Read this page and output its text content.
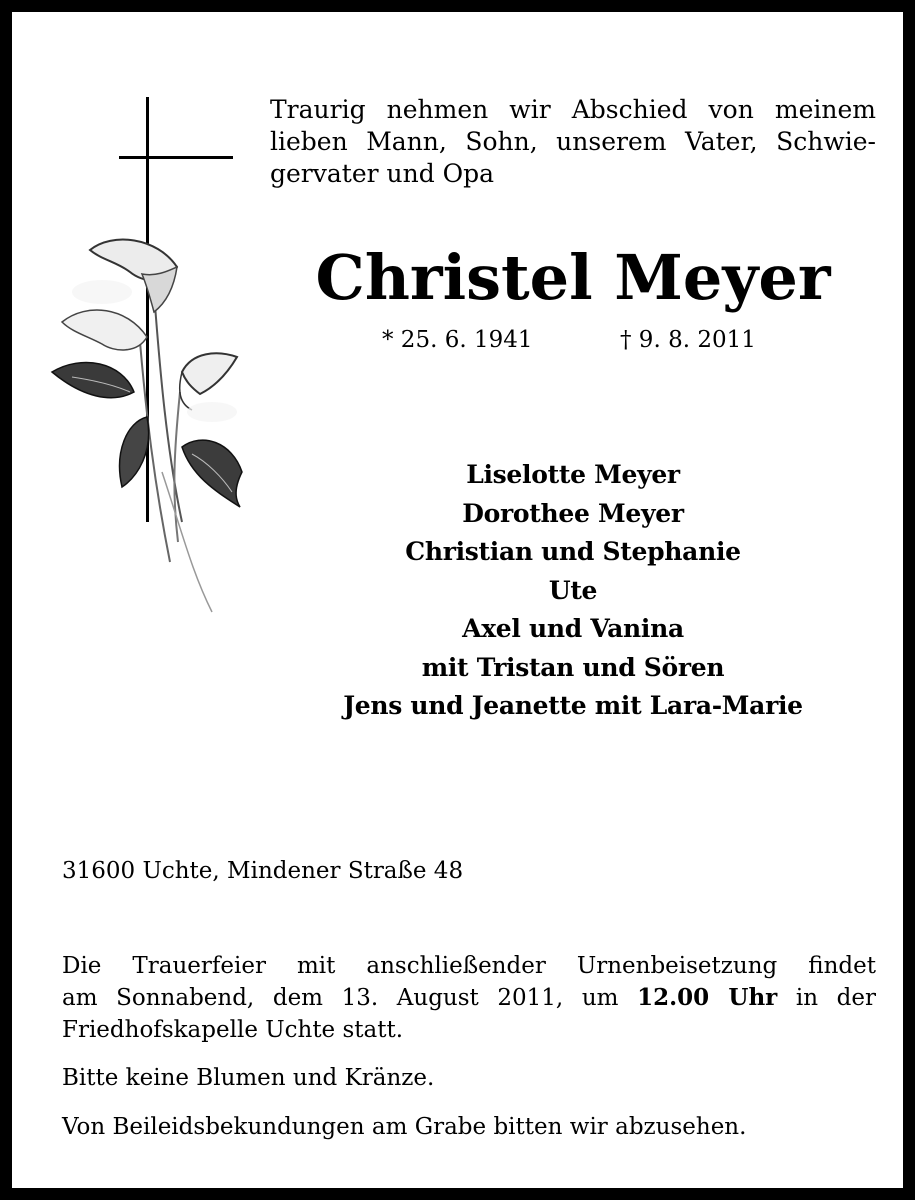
Traurig nehmen wir Abschied von meinem
lieben Mann, Sohn, unserem Vater, Schwie-
gervater und Opa

Christel Meyer
* 25. 6. 1941	† 9. 8. 2011
Liselotte Meyer
Dorothee Meyer
Christian und Stephanie
Ute
Axel und Vanina
mit Tristan und Sören
Jens und Jeanette mit Lara-Marie

31600 Uchte, Mindener Straße 48

Die Trauerfeier mit anschließender Urnenbeisetzung findet
am Sonnabend, dem 13. August 2011, um 12.00 Uhr in der
Friedhofskapelle Uchte statt.

Bitte keine Blumen und Kränze.

Von Beileidsbekundungen am Grabe bitten wir abzusehen.
